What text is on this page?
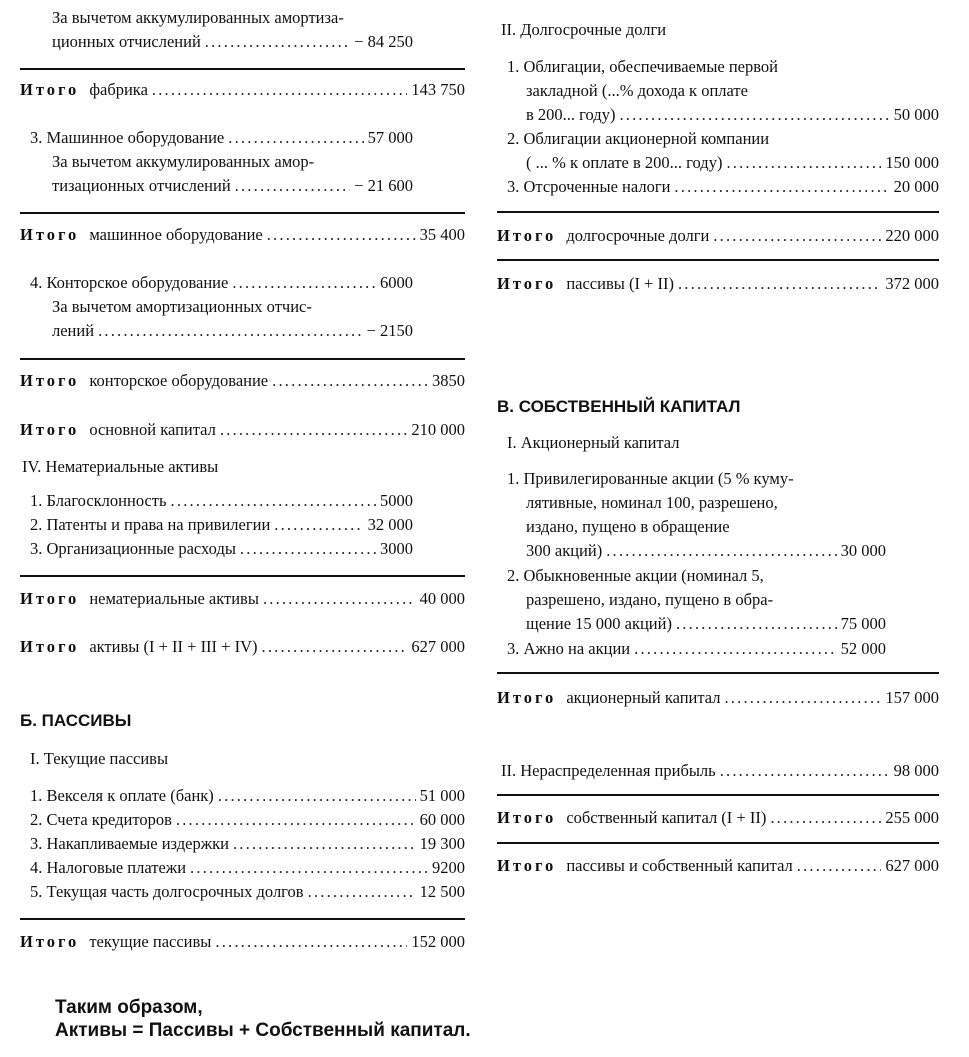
За вычетом аккумулированных амортиза-
ционных отчислений .....	− 84 250
Итого фабрика .....	143 750
3. Машинное оборудование .....	57 000
За вычетом аккумулированных амор-
тизационных отчислений .....	− 21 600
Итого машинное оборудование .....	35 400
4. Конторское оборудование .....	6000
За вычетом амортизационных отчис-
лений .....	− 2150
Итого конторское оборудование .....	3850
Итого основной капитал .....	210 000
IV. Нематериальные активы
1. Благосклонность .....	5000
2. Патенты и права на привилегии .....	32 000
3. Организационные расходы .....	3000
Итого нематериальные активы .....	40 000
Итого активы (I + II + III + IV) .....	627 000
Б. ПАССИВЫ
I. Текущие пассивы
1. Векселя к оплате (банк) .....	51 000
2. Счета кредиторов .....	60 000
3. Накапливаемые издержки .....	19 300
4. Налоговые платежи .....	9200
5. Текущая часть долгосрочных долгов .....	12 500
Итого текущие пассивы .....	152 000
Таким образом,
Активы = Пассивы + Собственный капитал.
II. Долгосрочные долги
1. Облигации, обеспечиваемые первой
закладной (...% дохода к оплате
в 200... году) .....	50 000
2. Облигации акционерной компании
( ... % к оплате в 200... году) .....	150 000
3. Отсроченные налоги .....	20 000
Итого долгосрочные долги .....	220 000
Итого пассивы (I + II) .....	372 000
В. СОБСТВЕННЫЙ КАПИТАЛ
I. Акционерный капитал
1. Привилегированные акции (5 % куму-
лятивные, номинал 100, разрешено,
издано, пущено в обращение
300 акций) .....	30 000
2. Обыкновенные акции (номинал 5,
разрешено, издано, пущено в обра-
щение 15 000 акций) .....	75 000
3. Ажно на акции .....	52 000
Итого акционерный капитал .....	157 000
II. Нераспределенная прибыль .....	98 000
Итого собственный капитал (I + II) .....	255 000
Итого пассивы и собственный капитал .....	627 000
